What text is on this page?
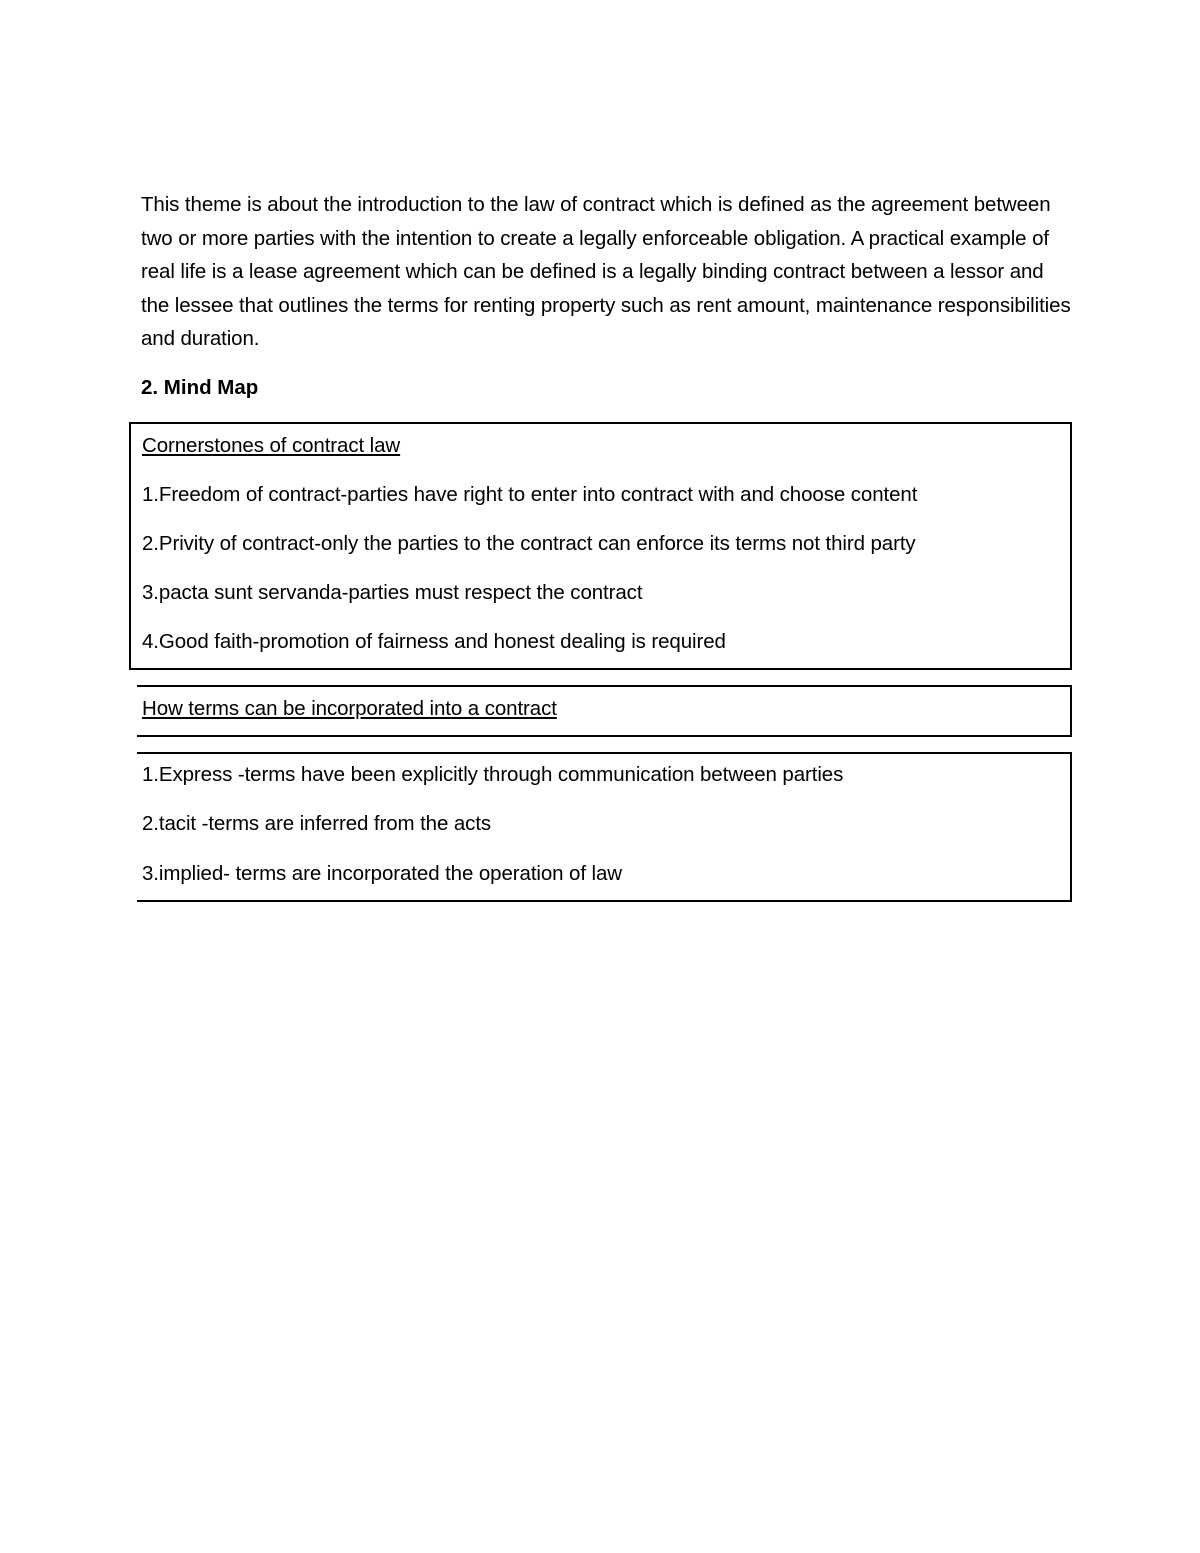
This theme is about the introduction to the law of contract which is defined as the agreement between two or more parties with the intention to create a legally enforceable obligation. A practical example of real life is a lease agreement which can be defined is a legally binding contract between a lessor and the lessee that outlines the terms for renting property such as rent amount, maintenance responsibilities and duration.

2. Mind Map

Cornerstones of contract law

1.Freedom of contract-parties have right to enter into contract with and choose content

2.Privity of contract-only the parties to the contract can enforce its terms not third party

3.pacta sunt servanda-parties must respect the contract

4.Good faith-promotion of fairness and honest dealing is required

How terms can be incorporated into a contract

1.Express -terms have been explicitly through communication between parties

2.tacit -terms are inferred from the acts

3.implied- terms are incorporated the operation of law
